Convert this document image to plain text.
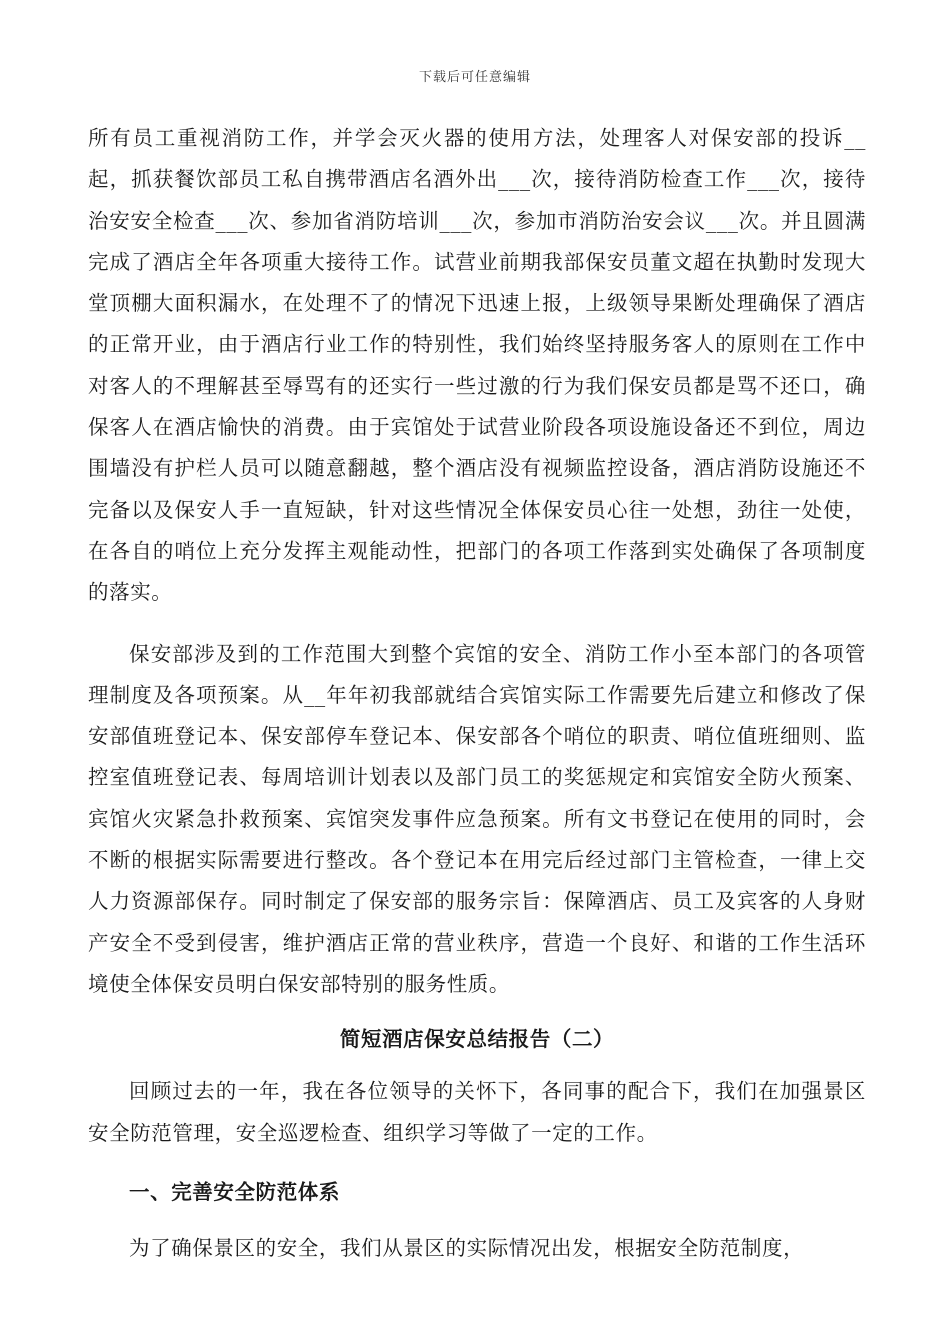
下载后可任意编辑

所有员工重视消防工作，并学会灭火器的使用方法，处理客人对保安部的投诉__起，抓获餐饮部员工私自携带酒店名酒外出___次，接待消防检查工作___次，接待治安安全检查___次、参加省消防培训___次，参加市消防治安会议___次。并且圆满完成了酒店全年各项重大接待工作。试营业前期我部保安员董文超在执勤时发现大堂顶棚大面积漏水，在处理不了的情况下迅速上报，上级领导果断处理确保了酒店的正常开业，由于酒店行业工作的特别性，我们始终坚持服务客人的原则在工作中对客人的不理解甚至辱骂有的还实行一些过激的行为我们保安员都是骂不还口，确保客人在酒店愉快的消费。由于宾馆处于试营业阶段各项设施设备还不到位，周边围墙没有护栏人员可以随意翻越，整个酒店没有视频监控设备，酒店消防设施还不完备以及保安人手一直短缺，针对这些情况全体保安员心往一处想，劲往一处使，在各自的哨位上充分发挥主观能动性，把部门的各项工作落到实处确保了各项制度的落实。

保安部涉及到的工作范围大到整个宾馆的安全、消防工作小至本部门的各项管理制度及各项预案。从__年年初我部就结合宾馆实际工作需要先后建立和修改了保安部值班登记本、保安部停车登记本、保安部各个哨位的职责、哨位值班细则、监控室值班登记表、每周培训计划表以及部门员工的奖惩规定和宾馆安全防火预案、宾馆火灾紧急扑救预案、宾馆突发事件应急预案。所有文书登记在使用的同时，会不断的根据实际需要进行整改。各个登记本在用完后经过部门主管检查，一律上交人力资源部保存。同时制定了保安部的服务宗旨：保障酒店、员工及宾客的人身财产安全不受到侵害，维护酒店正常的营业秩序，营造一个良好、和谐的工作生活环境使全体保安员明白保安部特别的服务性质。

简短酒店保安总结报告（二）

回顾过去的一年，我在各位领导的关怀下，各同事的配合下，我们在加强景区安全防范管理，安全巡逻检查、组织学习等做了一定的工作。

一、完善安全防范体系

为了确保景区的安全，我们从景区的实际情况出发，根据安全防范制度，
